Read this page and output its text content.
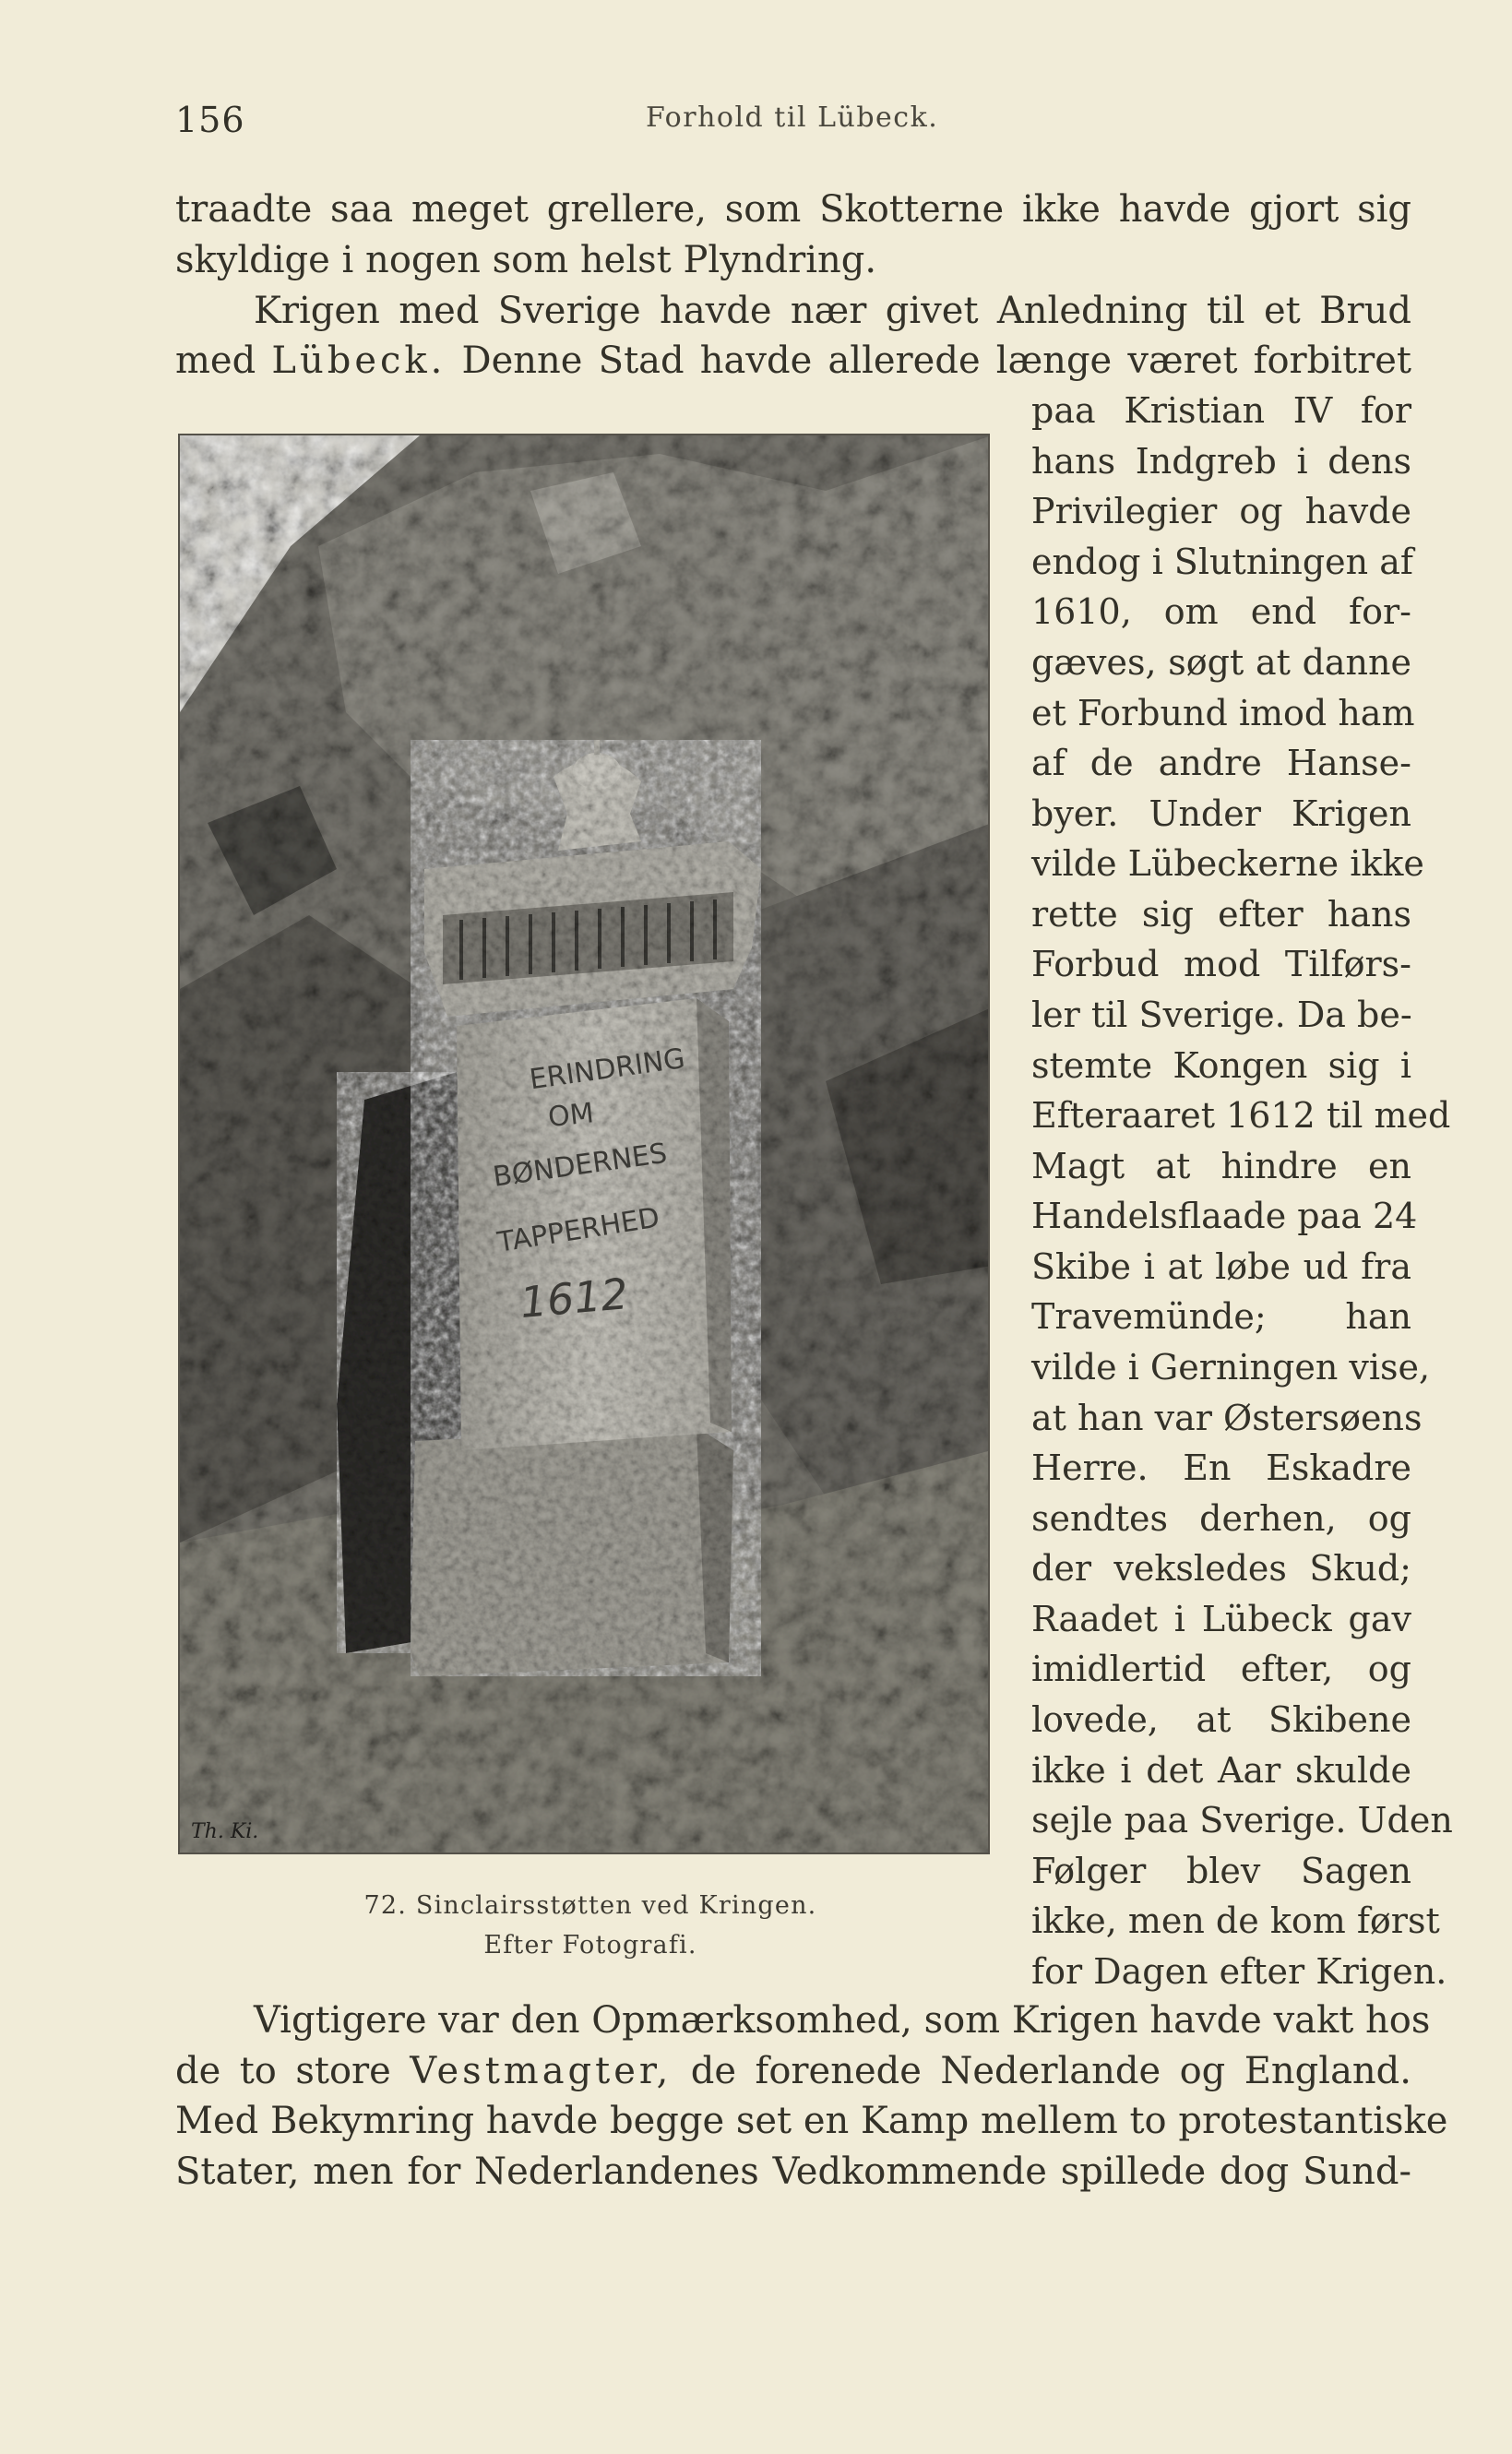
156	Forhold til Lübeck.
traadte saa meget grellere, som Skotterne ikke havde gjort sig
skyldige i nogen som helst Plyndring.
Krigen med Sverige havde nær givet Anledning til et Brud
med Lübeck. Denne Stad havde allerede længe været forbitret
paa Kristian IV for
hans Indgreb i dens
Privilegier og havde
endog i Slutningen af
1610, om end for-
gæves, søgt at danne
et Forbund imod ham
af de andre Hanse-
byer. Under Krigen
vilde Lübeckerne ikke
rette sig efter hans
Forbud mod Tilførs-
ler til Sverige. Da be-
stemte Kongen sig i
Efteraaret 1612 til med
Magt at hindre en
Handelsflaade paa 24
Skibe i at løbe ud fra
Travemünde; han
vilde i Gerningen vise,
at han var Østersøens
Herre. En Eskadre
sendtes derhen, og
der veksledes Skud;
Raadet i Lübeck gav
imidlertid efter, og
lovede, at Skibene
ikke i det Aar skulde
sejle paa Sverige. Uden
Følger blev Sagen
ikke, men de kom først
for Dagen efter Krigen.
ERINDRING
OM
BØNDERNES
TAPPERHED
1612
Th. Ki.
72. Sinclairsstøtten ved Kringen.
Efter Fotografi.
Vigtigere var den Opmærksomhed, som Krigen havde vakt hos
de to store Vestmagter, de forenede Nederlande og England.
Med Bekymring havde begge set en Kamp mellem to protestantiske
Stater, men for Nederlandenes Vedkommende spillede dog Sund-
